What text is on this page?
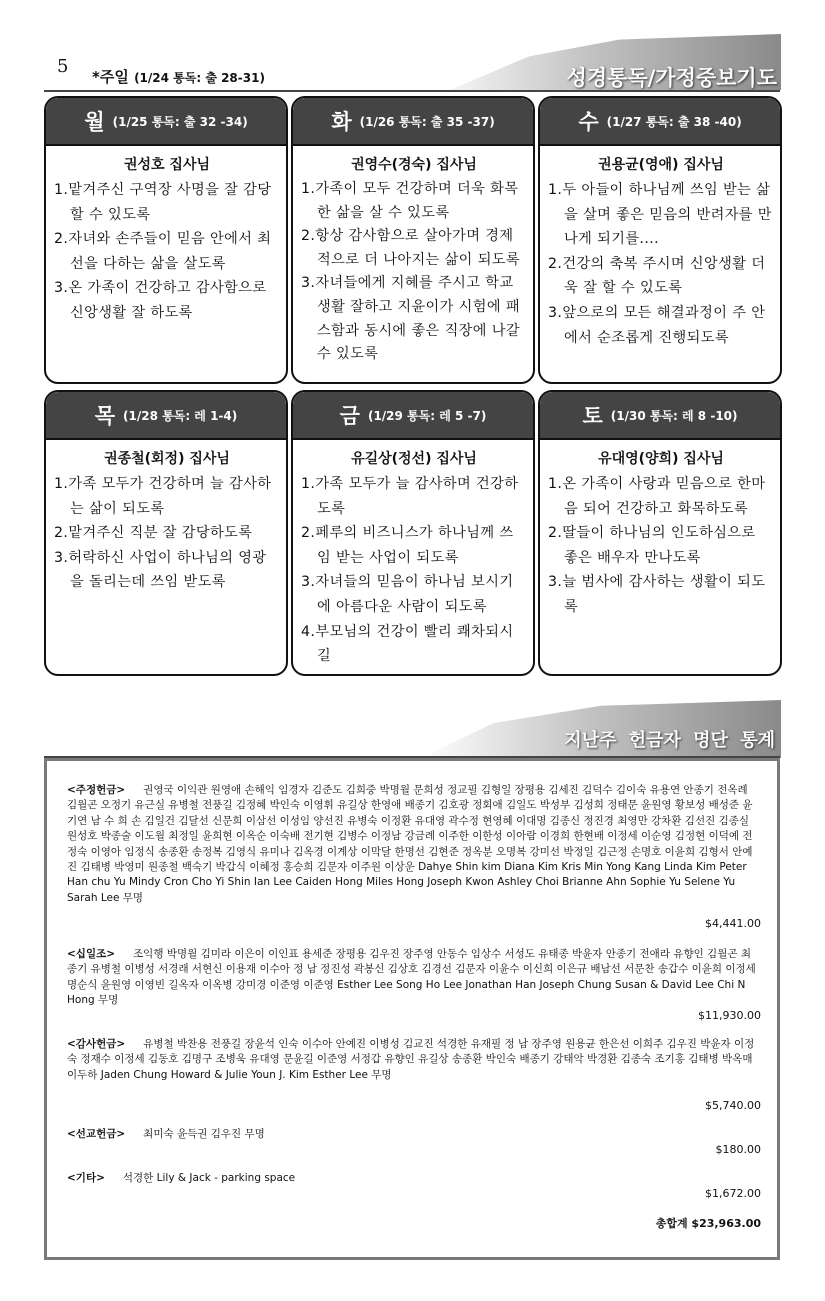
5 *주일 (1/24 통독: 출 28-31)	성경통독/가정중보기도
월 (1/25 통독: 출 32 -34)
권성호 집사님
1.맡겨주신 구역장 사명을 잘 감당할 수 있도록
2.자녀와 손주들이 믿음 안에서 최선을 다하는 삶을 살도록
3.온 가족이 건강하고 감사함으로 신앙생활 잘 하도록
화 (1/26 통독: 출 35 -37)
권영수(경숙) 집사님
1.가족이 모두 건강하며 더욱 화목한 삶을 살 수 있도록
2.항상 감사함으로 살아가며 경제적으로 더 나아지는 삶이 되도록
3.자녀들에게 지혜를 주시고 학교생활 잘하고 지윤이가 시험에 패스함과 동시에 좋은 직장에 나갈 수 있도록
수 (1/27 통독: 출 38 -40)
권용균(영애) 집사님
1.두 아들이 하나님께 쓰임 받는 삶을 살며 좋은 믿음의 반려자를 만나게 되기를....
2.건강의 축복 주시며 신앙생활 더욱 잘 할 수 있도록
3.앞으로의 모든 해결과정이 주 안에서 순조롭게 진행되도록
목 (1/28 통독: 레 1-4)
권종철(회정) 집사님
1.가족 모두가 건강하며 늘 감사하는 삶이 되도록
2.맡겨주신 직분 잘 감당하도록
3.허락하신 사업이 하나님의 영광을 돌리는데 쓰임 받도록
금 (1/29 통독: 레 5 -7)
유길상(정선) 집사님
1.가족 모두가 늘 감사하며 건강하도록
2.페루의 비즈니스가 하나님께 쓰임 받는 사업이 되도록
3.자녀들의 믿음이 하나님 보시기에 아름다운 사람이 되도록
4.부모님의 건강이 빨리 쾌차되시길
토 (1/30 통독: 레 8 -10)
유대영(양희) 집사님
1.온 가족이 사랑과 믿음으로 한마음 되어 건강하고 화목하도록
2.딸들이 하나님의 인도하심으로 좋은 배우자 만나도록
3.늘 범사에 감사하는 생활이 되도록
지난주 헌금자 명단 통계
<주정헌금> 권영국 이익관 원영애 손해익 임경자 김준도 김희중 박명월 문희성 정교필 김형일 장평용 김세진 김덕수 김이숙 유용연 안종기 전옥례 김월곤 오정기 유근실 유병철 전풍길 김정혜 박인숙 이영휘 유길상 한영애 배종기 김호광 정회애 김일도 박성부 김성희 정태문 윤원영 황보성 배성준 윤기연 남 수 희 손 김일건 김달선 신문희 이삼선 이성임 양선진 유병숙 이정환 유대영 곽수정 현영혜 이대명 김종신 정진경 최영만 강차환 김선진 김종실 원성호 박종술 이도월 최정일 윤희현 이옥순 이숙배 전기현 김병수 이정남 강금례 이주한 이한성 이아람 이경희 한현배 이정세 이순영 김정현 이덕예 전정숙 이영아 임정식 송종환 송정복 김영식 유미나 김옥경 이계상 이막달 한명선 김현준 정옥분 오명복 강미선 박정일 김근정 손명호 이윤희 김형서 안예진 김태병 박영미 원종철 백숙기 박갑식 이혜정 홍승희 김문자 이주원 이상운 Dahye Shin kim Diana Kim Kris Min Yong Kang Linda Kim Peter Han chu Yu Mindy Cron Cho Yi Shin Ian Lee Caiden Hong Miles Hong Joseph Kwon Ashley Choi Brianne Ahn Sophie Yu Selene Yu Sarah Lee 무명
$4,441.00
<십일조> 조익행 박명월 김미라 이은이 이인표 용세준 장평용 김우진 장주영 안동수 임상수 서성도 유태종 박윤자 안종기 전애라 유향인 김월곤 최종기 유병철 이병성 서경래 서현신 이용재 이수아 정 남 정진성 곽봉신 김상호 김경선 김문자 이윤수 이신희 이은규 배남선 서문찬 송갑수 이윤희 이정세 명순식 윤원영 이영빈 길옥자 이옥병 강미경 이준영 이준영 Esther Lee Song Ho Lee Jonathan Han Joseph Chung Susan & David Lee Chi N Hong 무명
$11,930.00
<감사헌금> 유병철 박찬용 전풍길 장윤석 인숙 이수아 안예진 이병성 김교진 석경한 유재필 정 남 장주영 원용균 한은선 이희주 김우진 박윤자 이정숙 정재수 이정세 김동호 김명구 조병욱 유대영 문윤길 이준영 서정갑 유향인 유길상 송종환 박인숙 배종기 강태악 박경환 김종숙 조기홍 김태병 박옥매 이두하 Jaden Chung Howard & Julie Youn J. Kim Esther Lee 무명
$5,740.00
<선교헌금> 최미숙 윤득권 김우진 무명
$180.00
<기타> 석경한 Lily & Jack - parking space
$1,672.00
총합계 $23,963.00
